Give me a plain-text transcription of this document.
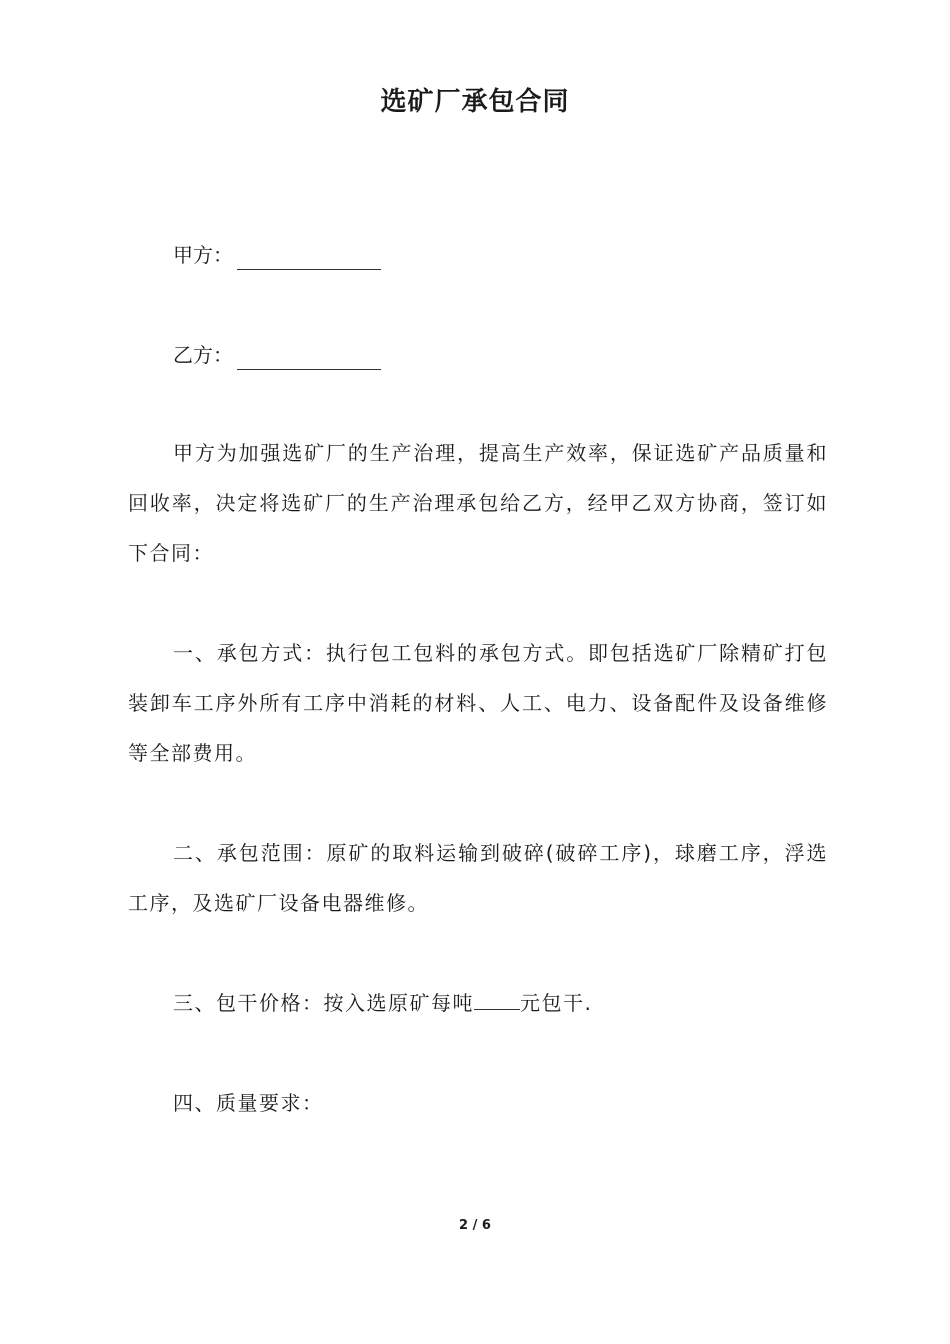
选矿厂承包合同
甲方：
乙方：
甲方为加强选矿厂的生产治理，提高生产效率，保证选矿产品质量和回收率，决定将选矿厂的生产治理承包给乙方，经甲乙双方协商，签订如下合同：
一、承包方式：执行包工包料的承包方式。即包括选矿厂除精矿打包装卸车工序外所有工序中消耗的材料、人工、电力、设备配件及设备维修等全部费用。
二、承包范围：原矿的取料运输到破碎(破碎工序)，球磨工序，浮选工序，及选矿厂设备电器维修。
三、包干价格：按入选原矿每吨 元包干.
四、质量要求：
2 / 6
